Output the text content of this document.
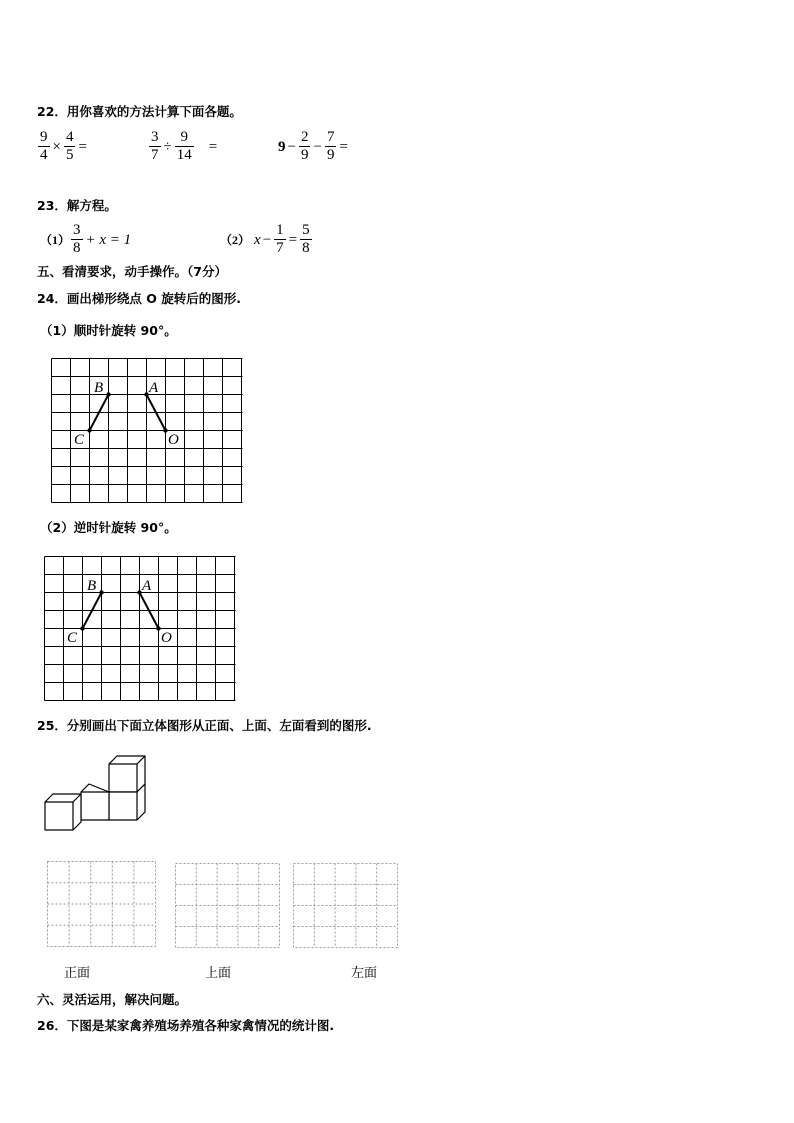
22．用你喜欢的方法计算下面各题。
$\frac{9}{4} \times \frac{4}{5}$ =	$\frac{3}{7} \div \frac{9}{14}$ =	$9 - \frac{2}{9} - \frac{7}{9}$ =
23．解方程。
$(1) \frac{3}{8} + x = 1$	（2） $x - \frac{1}{7} = \frac{5}{8}$
五、看清要求，动手操作。（7分）
24．画出梯形绕点 O 旋转后的图形.
（1）顺时针旋转 90°。
B	A
C	O
（2）逆时针旋转 90°。
B	A
C	O
25．分别画出下面立体图形从正面、上面、左面看到的图形.
正面	上面	左面
六、灵活运用，解决问题。
26．下图是某家禽养殖场养殖各种家禽情况的统计图.
